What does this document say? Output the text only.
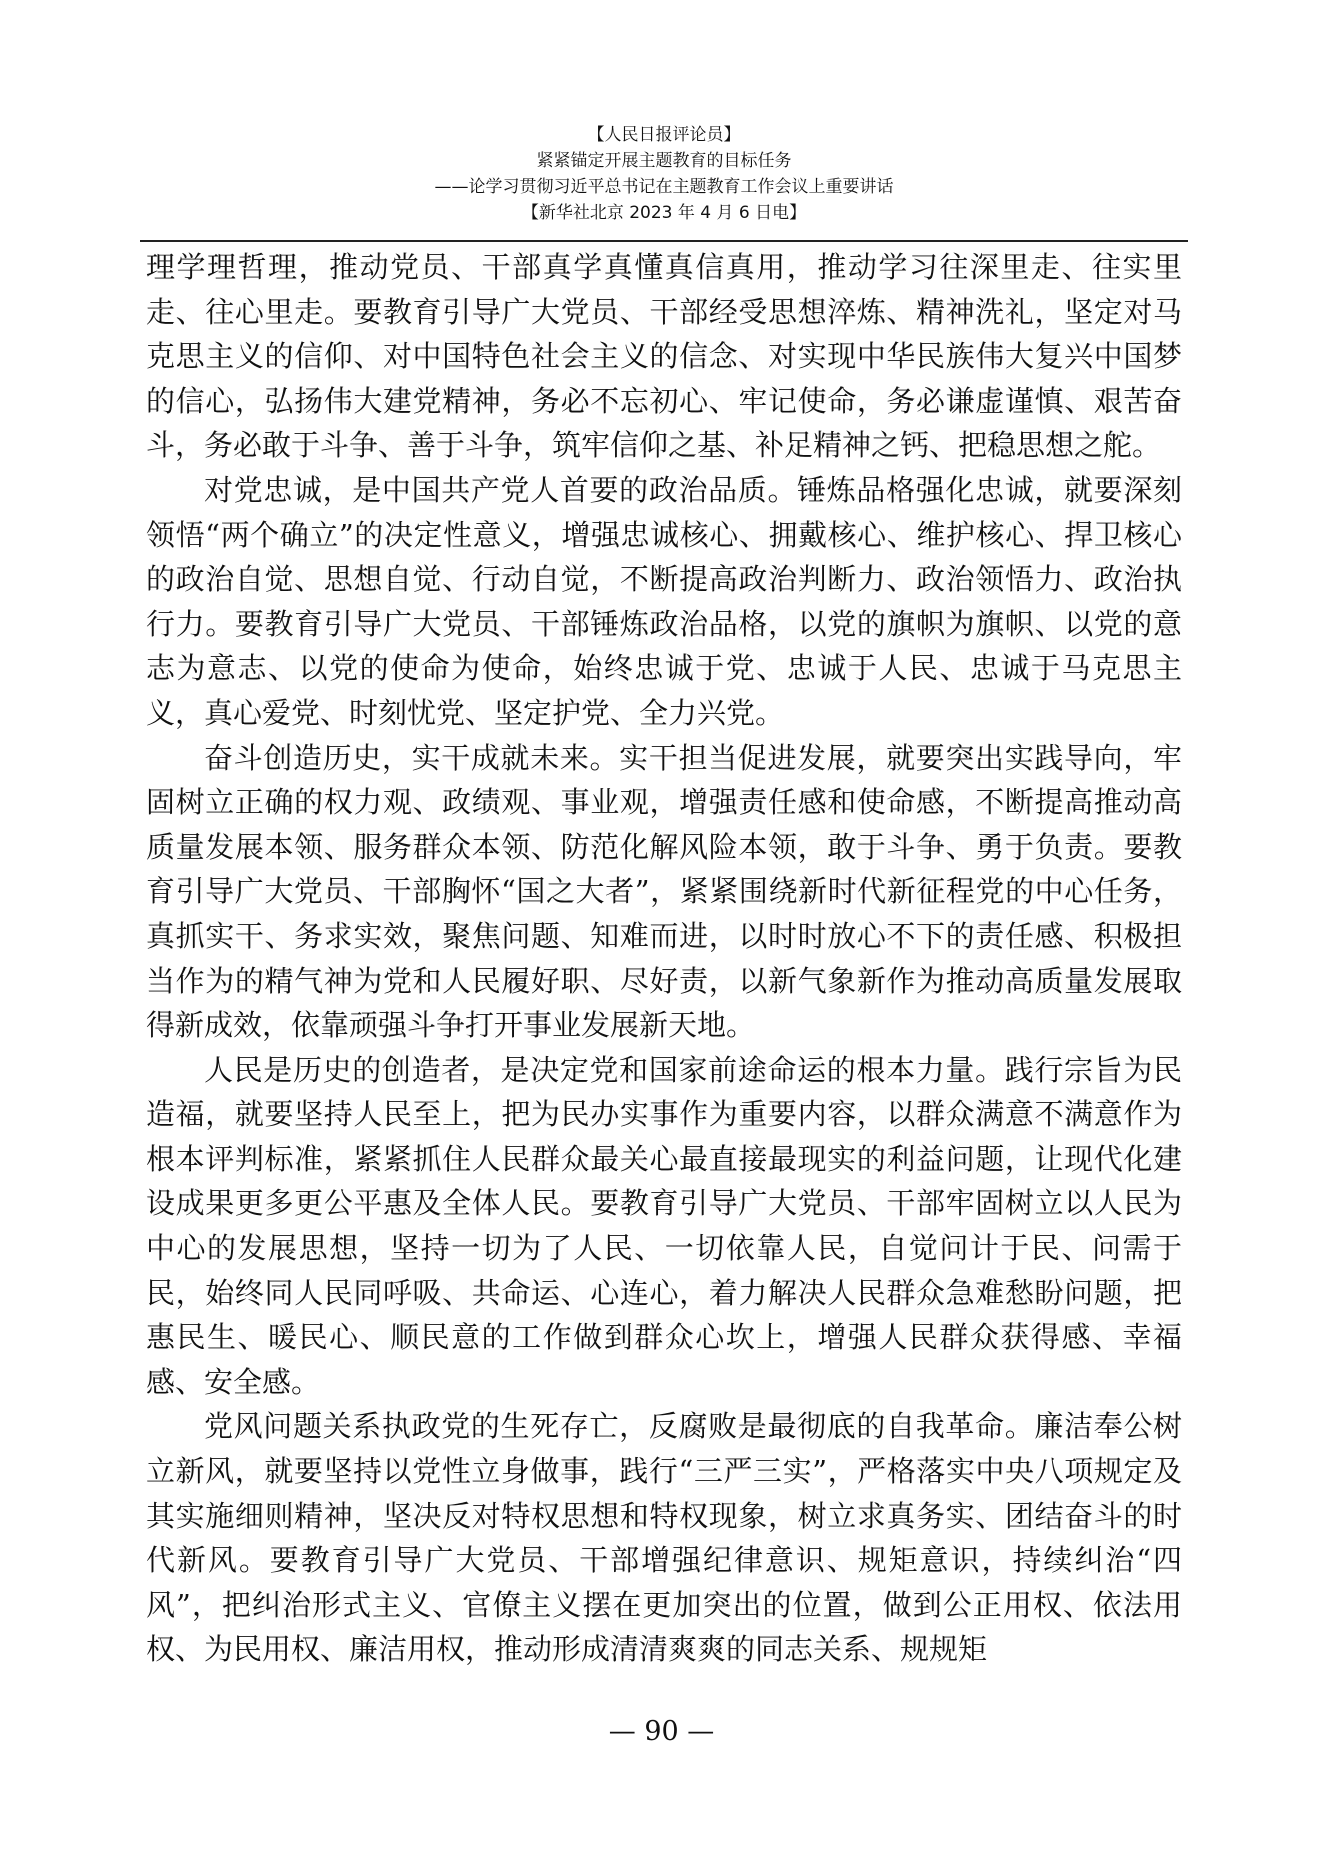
【人民日报评论员】
紧紧锚定开展主题教育的目标任务
——论学习贯彻习近平总书记在主题教育工作会议上重要讲话
【新华社北京 2023 年 4 月 6 日电】

理学理哲理，推动党员、干部真学真懂真信真用，推动学习往深里走、往实里走、往心里走。要教育引导广大党员、干部经受思想淬炼、精神洗礼，坚定对马克思主义的信仰、对中国特色社会主义的信念、对实现中华民族伟大复兴中国梦的信心，弘扬伟大建党精神，务必不忘初心、牢记使命，务必谦虚谨慎、艰苦奋斗，务必敢于斗争、善于斗争，筑牢信仰之基、补足精神之钙、把稳思想之舵。

对党忠诚，是中国共产党人首要的政治品质。锤炼品格强化忠诚，就要深刻领悟“两个确立”的决定性意义，增强忠诚核心、拥戴核心、维护核心、捍卫核心的政治自觉、思想自觉、行动自觉，不断提高政治判断力、政治领悟力、政治执行力。要教育引导广大党员、干部锤炼政治品格，以党的旗帜为旗帜、以党的意志为意志、以党的使命为使命，始终忠诚于党、忠诚于人民、忠诚于马克思主义，真心爱党、时刻忧党、坚定护党、全力兴党。

奋斗创造历史，实干成就未来。实干担当促进发展，就要突出实践导向，牢固树立正确的权力观、政绩观、事业观，增强责任感和使命感，不断提高推动高质量发展本领、服务群众本领、防范化解风险本领，敢于斗争、勇于负责。要教育引导广大党员、干部胸怀“国之大者”，紧紧围绕新时代新征程党的中心任务，真抓实干、务求实效，聚焦问题、知难而进，以时时放心不下的责任感、积极担当作为的精气神为党和人民履好职、尽好责，以新气象新作为推动高质量发展取得新成效，依靠顽强斗争打开事业发展新天地。

人民是历史的创造者，是决定党和国家前途命运的根本力量。践行宗旨为民造福，就要坚持人民至上，把为民办实事作为重要内容，以群众满意不满意作为根本评判标准，紧紧抓住人民群众最关心最直接最现实的利益问题，让现代化建设成果更多更公平惠及全体人民。要教育引导广大党员、干部牢固树立以人民为中心的发展思想，坚持一切为了人民、一切依靠人民，自觉问计于民、问需于民，始终同人民同呼吸、共命运、心连心，着力解决人民群众急难愁盼问题，把惠民生、暖民心、顺民意的工作做到群众心坎上，增强人民群众获得感、幸福感、安全感。

党风问题关系执政党的生死存亡，反腐败是最彻底的自我革命。廉洁奉公树立新风，就要坚持以党性立身做事，践行“三严三实”，严格落实中央八项规定及其实施细则精神，坚决反对特权思想和特权现象，树立求真务实、团结奋斗的时代新风。要教育引导广大党员、干部增强纪律意识、规矩意识，持续纠治“四风”，把纠治形式主义、官僚主义摆在更加突出的位置，做到公正用权、依法用权、为民用权、廉洁用权，推动形成清清爽爽的同志关系、规规矩

— 90 —
